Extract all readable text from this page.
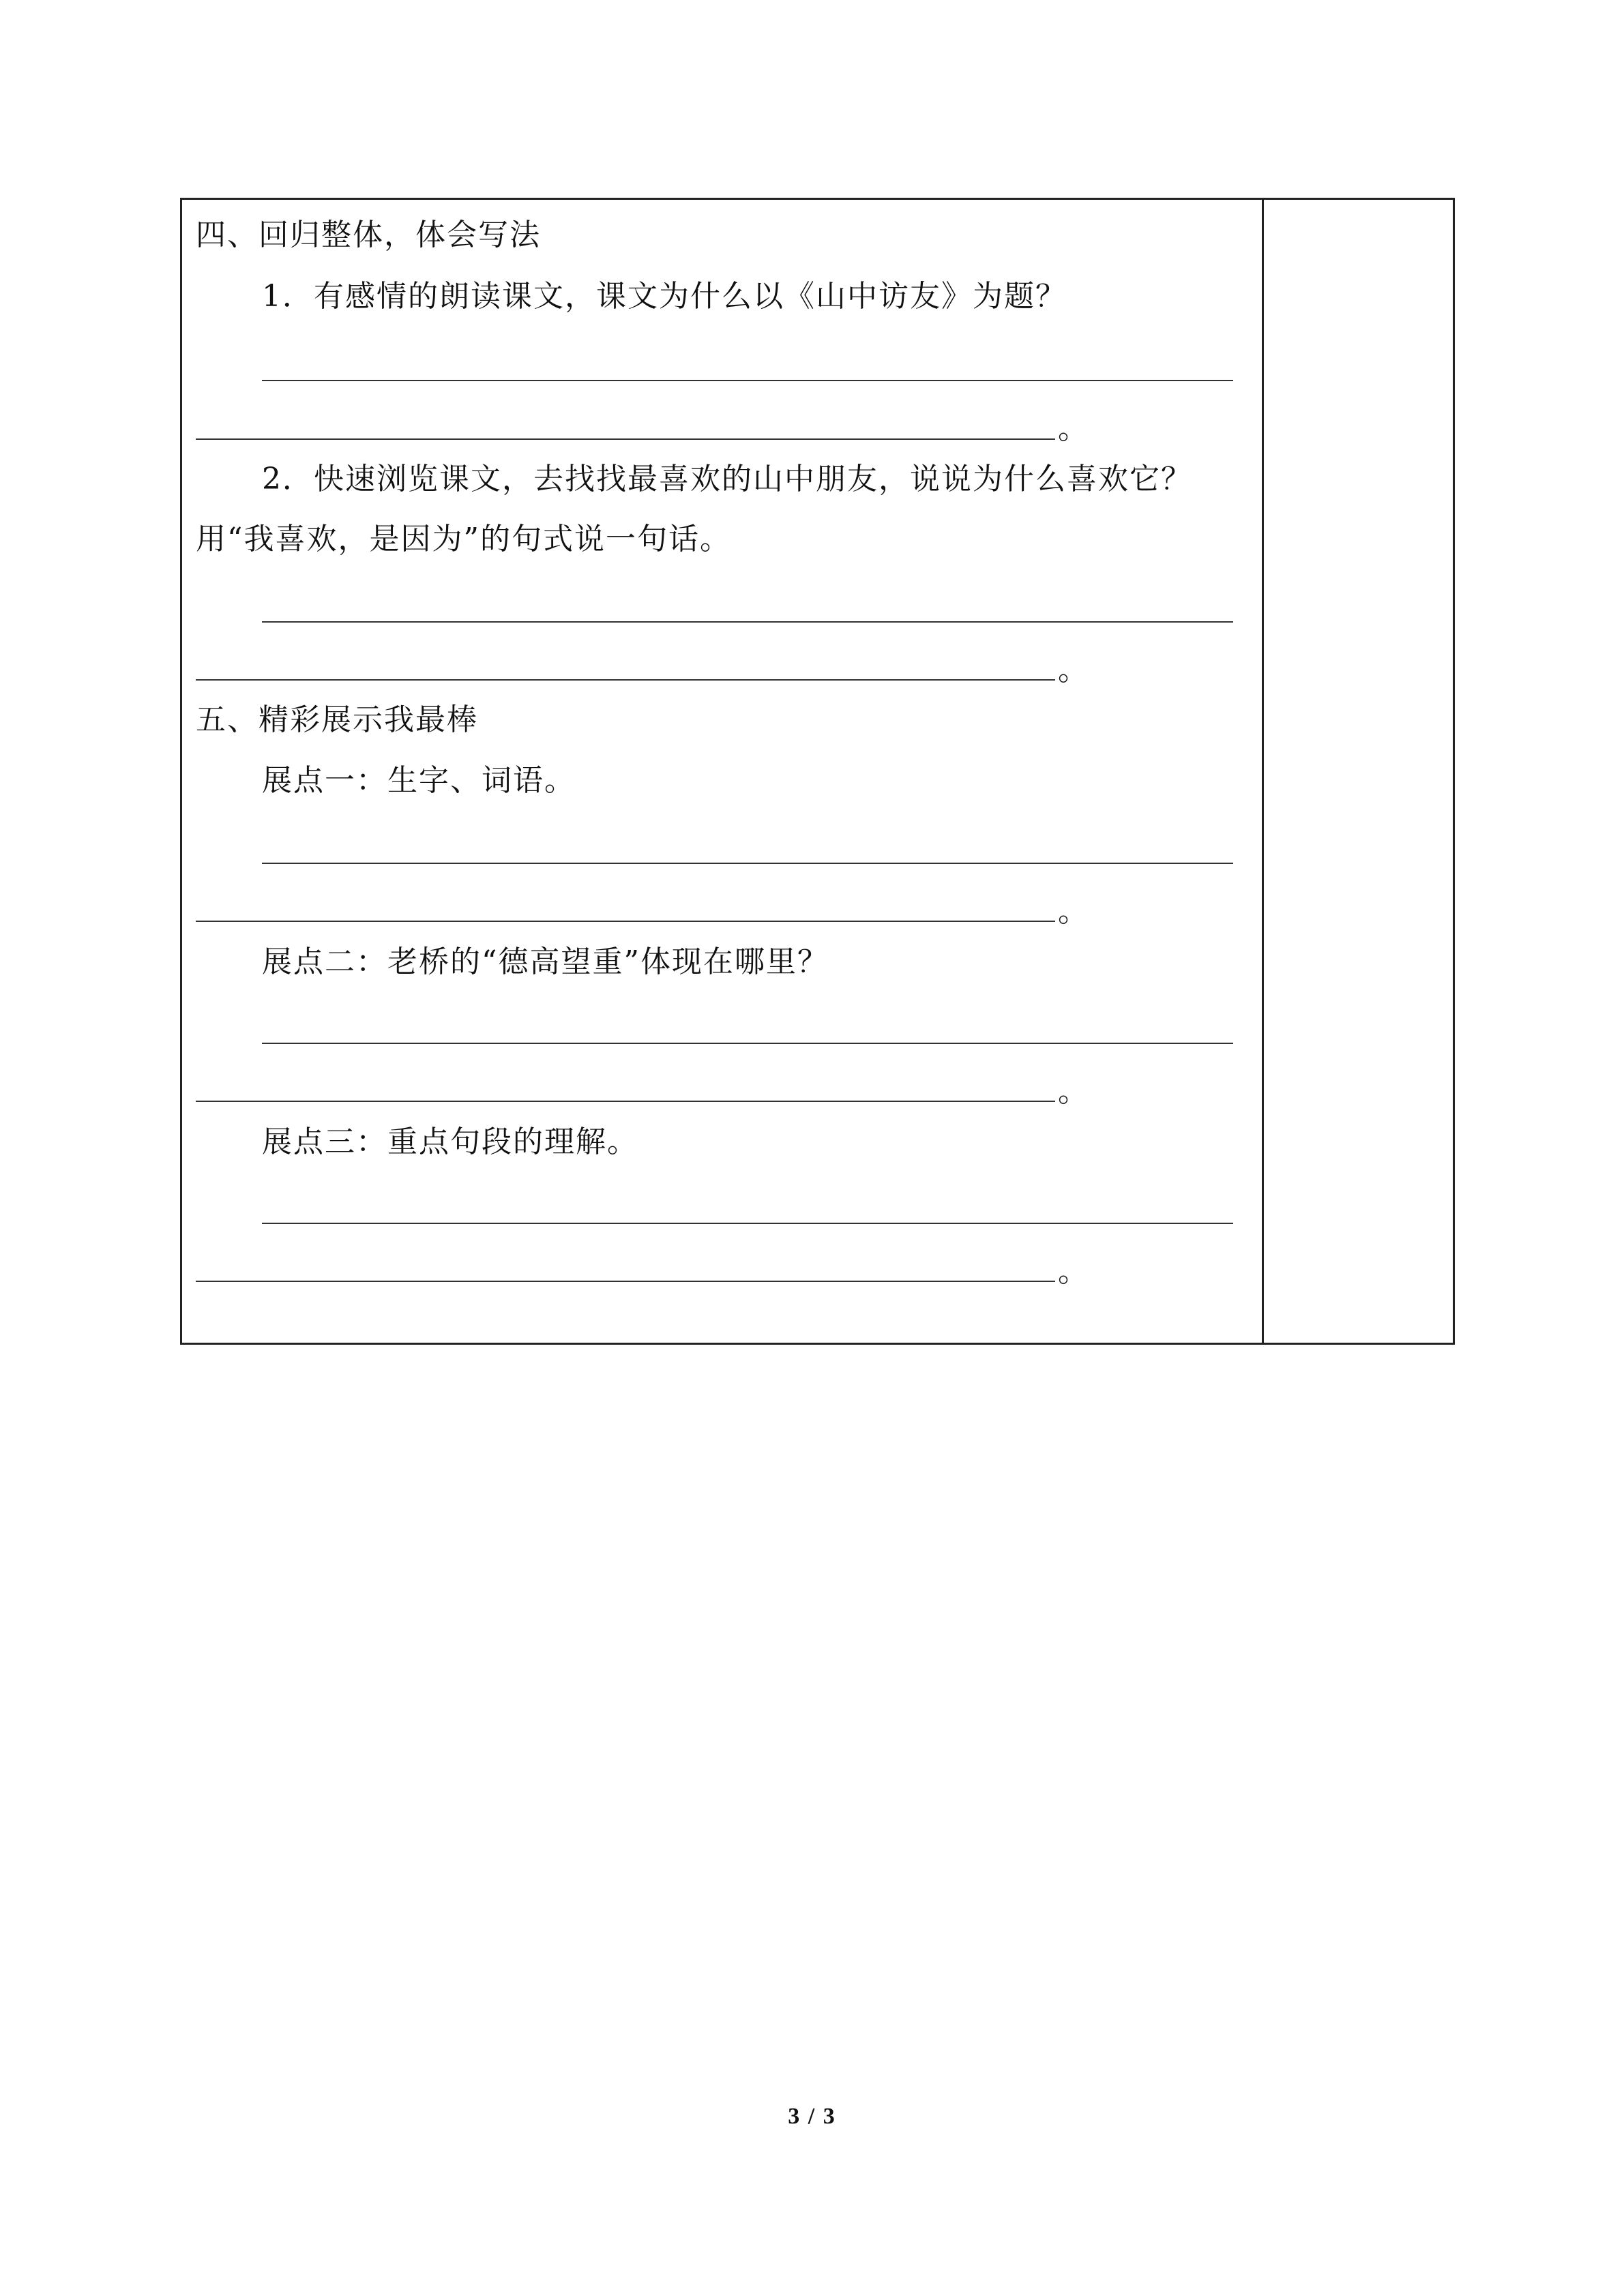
四、回归整体，体会写法
1．有感情的朗读课文，课文为什么以《山中访友》为题？
。
2．快速浏览课文，去找找最喜欢的山中朋友，说说为什么喜欢它？
用“我喜欢，是因为”的句式说一句话。
。
五、精彩展示我最棒
展点一：生字、词语。
。
展点二：老桥的“德高望重”体现在哪里？
。
展点三：重点句段的理解。
。
3 / 3
